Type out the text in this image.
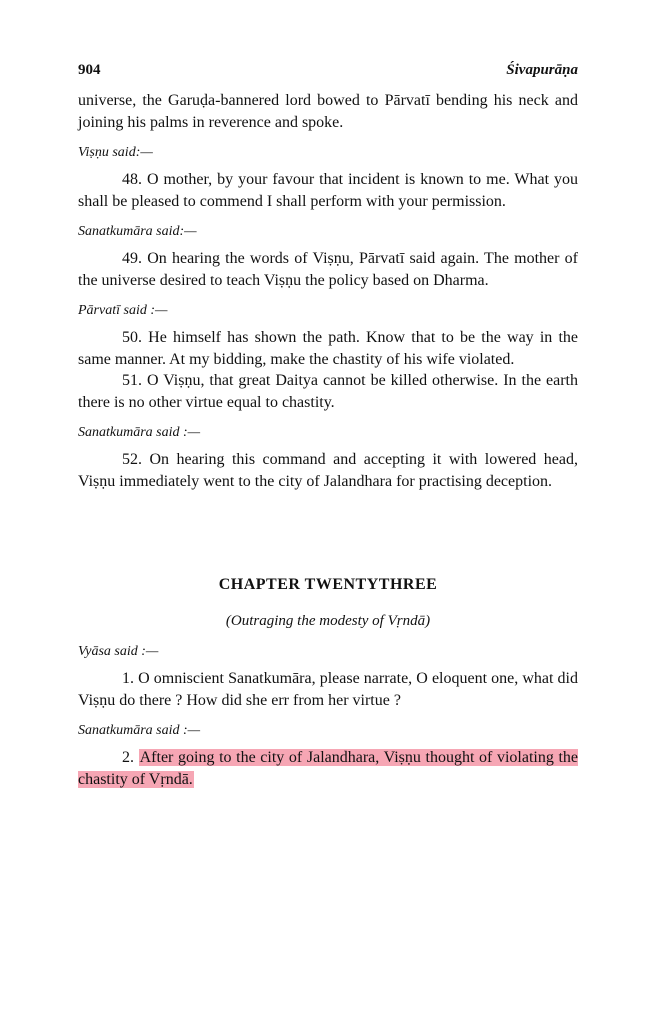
904	Śivapurāṇa

universe, the Garuḍa-bannered lord bowed to Pārvatī bending his neck and joining his palms in reverence and spoke.

Viṣṇu said:—

48. O mother, by your favour that incident is known to me. What you shall be pleased to commend I shall perform with your permission.

Sanatkumāra said:—

49. On hearing the words of Viṣṇu, Pārvatī said again. The mother of the universe desired to teach Viṣṇu the policy based on Dharma.

Pārvatī said :—

50. He himself has shown the path. Know that to be the way in the same manner. At my bidding, make the chastity of his wife violated.

51. O Viṣṇu, that great Daitya cannot be killed otherwise. In the earth there is no other virtue equal to chastity.

Sanatkumāra said :—

52. On hearing this command and accepting it with lowered head, Viṣṇu immediately went to the city of Jalandhara for practising deception.

CHAPTER TWENTYTHREE
(Outraging the modesty of Vṛndā)

Vyāsa said :—

1. O omniscient Sanatkumāra, please narrate, O eloquent one, what did Viṣṇu do there ? How did she err from her virtue ?

Sanatkumāra said :—

2. After going to the city of Jalandhara, Viṣṇu thought of violating the chastity of Vṛndā.
